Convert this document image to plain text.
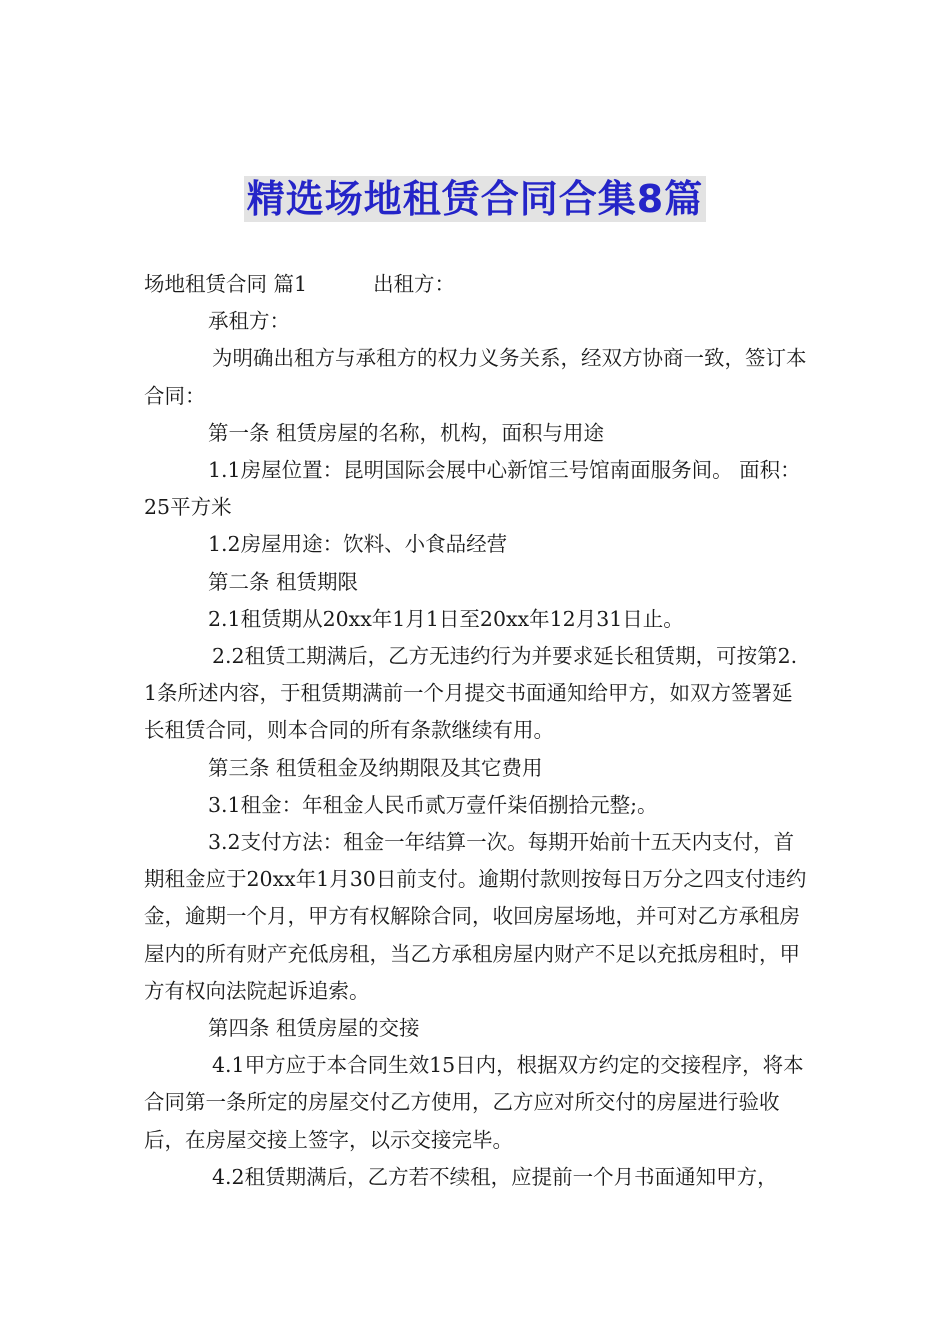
精选场地租赁合同合集8篇

场地租赁合同 篇1	出租方：

承租方：

为明确出租方与承租方的权力义务关系，经双方协商一致，签订本合同：

第一条 租赁房屋的名称，机构，面积与用途

1.1房屋位置：昆明国际会展中心新馆三号馆南面服务间。 面积：25平方米

1.2房屋用途：饮料、小食品经营

第二条 租赁期限

2.1租赁期从20xx年1月1日至20xx年12月31日止。

2.2租赁工期满后，乙方无违约行为并要求延长租赁期，可按第2.1条所述内容，于租赁期满前一个月提交书面通知给甲方，如双方签署延长租赁合同，则本合同的所有条款继续有用。

第三条 租赁租金及纳期限及其它费用

3.1租金：年租金人民币贰万壹仟柒佰捌拾元整;。

3.2支付方法：租金一年结算一次。每期开始前十五天内支付，首期租金应于20xx年1月30日前支付。逾期付款则按每日万分之四支付违约金，逾期一个月，甲方有权解除合同，收回房屋场地，并可对乙方承租房屋内的所有财产充低房租，当乙方承租房屋内财产不足以充抵房租时，甲方有权向法院起诉追索。

第四条 租赁房屋的交接

4.1甲方应于本合同生效15日内，根据双方约定的交接程序，将本合同第一条所定的房屋交付乙方使用，乙方应对所交付的房屋进行验收后，在房屋交接上签字，以示交接完毕。

4.2租赁期满后，乙方若不续租，应提前一个月书面通知甲方，
